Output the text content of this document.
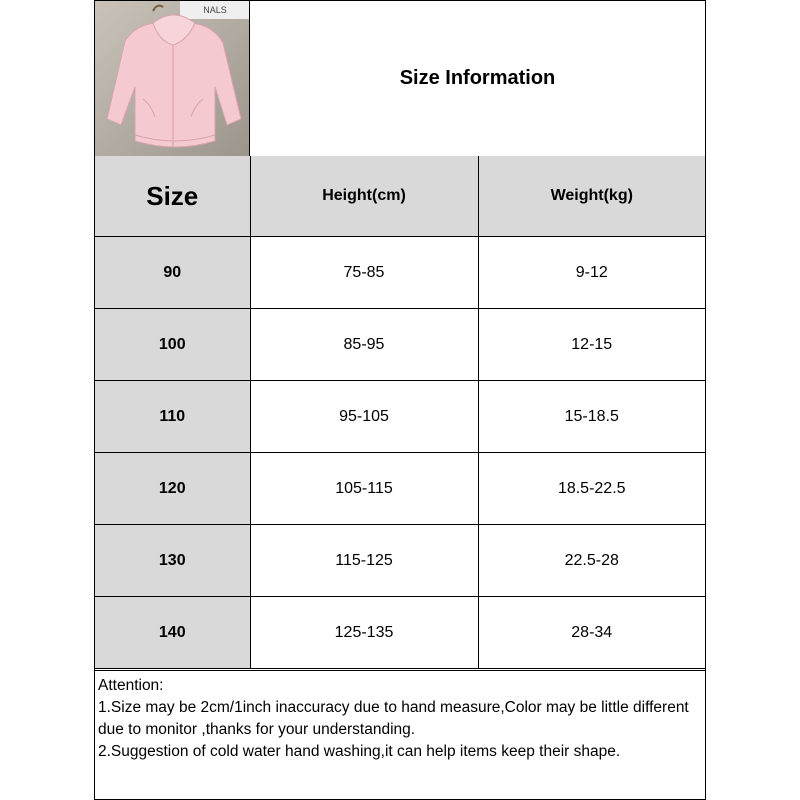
NALS
Size Information
Size	Height(cm)	Weight(kg)
90	75-85	9-12
100	85-95	12-15
110	95-105	15-18.5
120	105-115	18.5-22.5
130	115-125	22.5-28
140	125-135	28-34

Attention:

1.Size may be 2cm/1inch inaccuracy due to hand measure,Color may be little different due to monitor ,thanks for your understanding.

2.Suggestion of cold water hand washing,it can help items keep their shape.
